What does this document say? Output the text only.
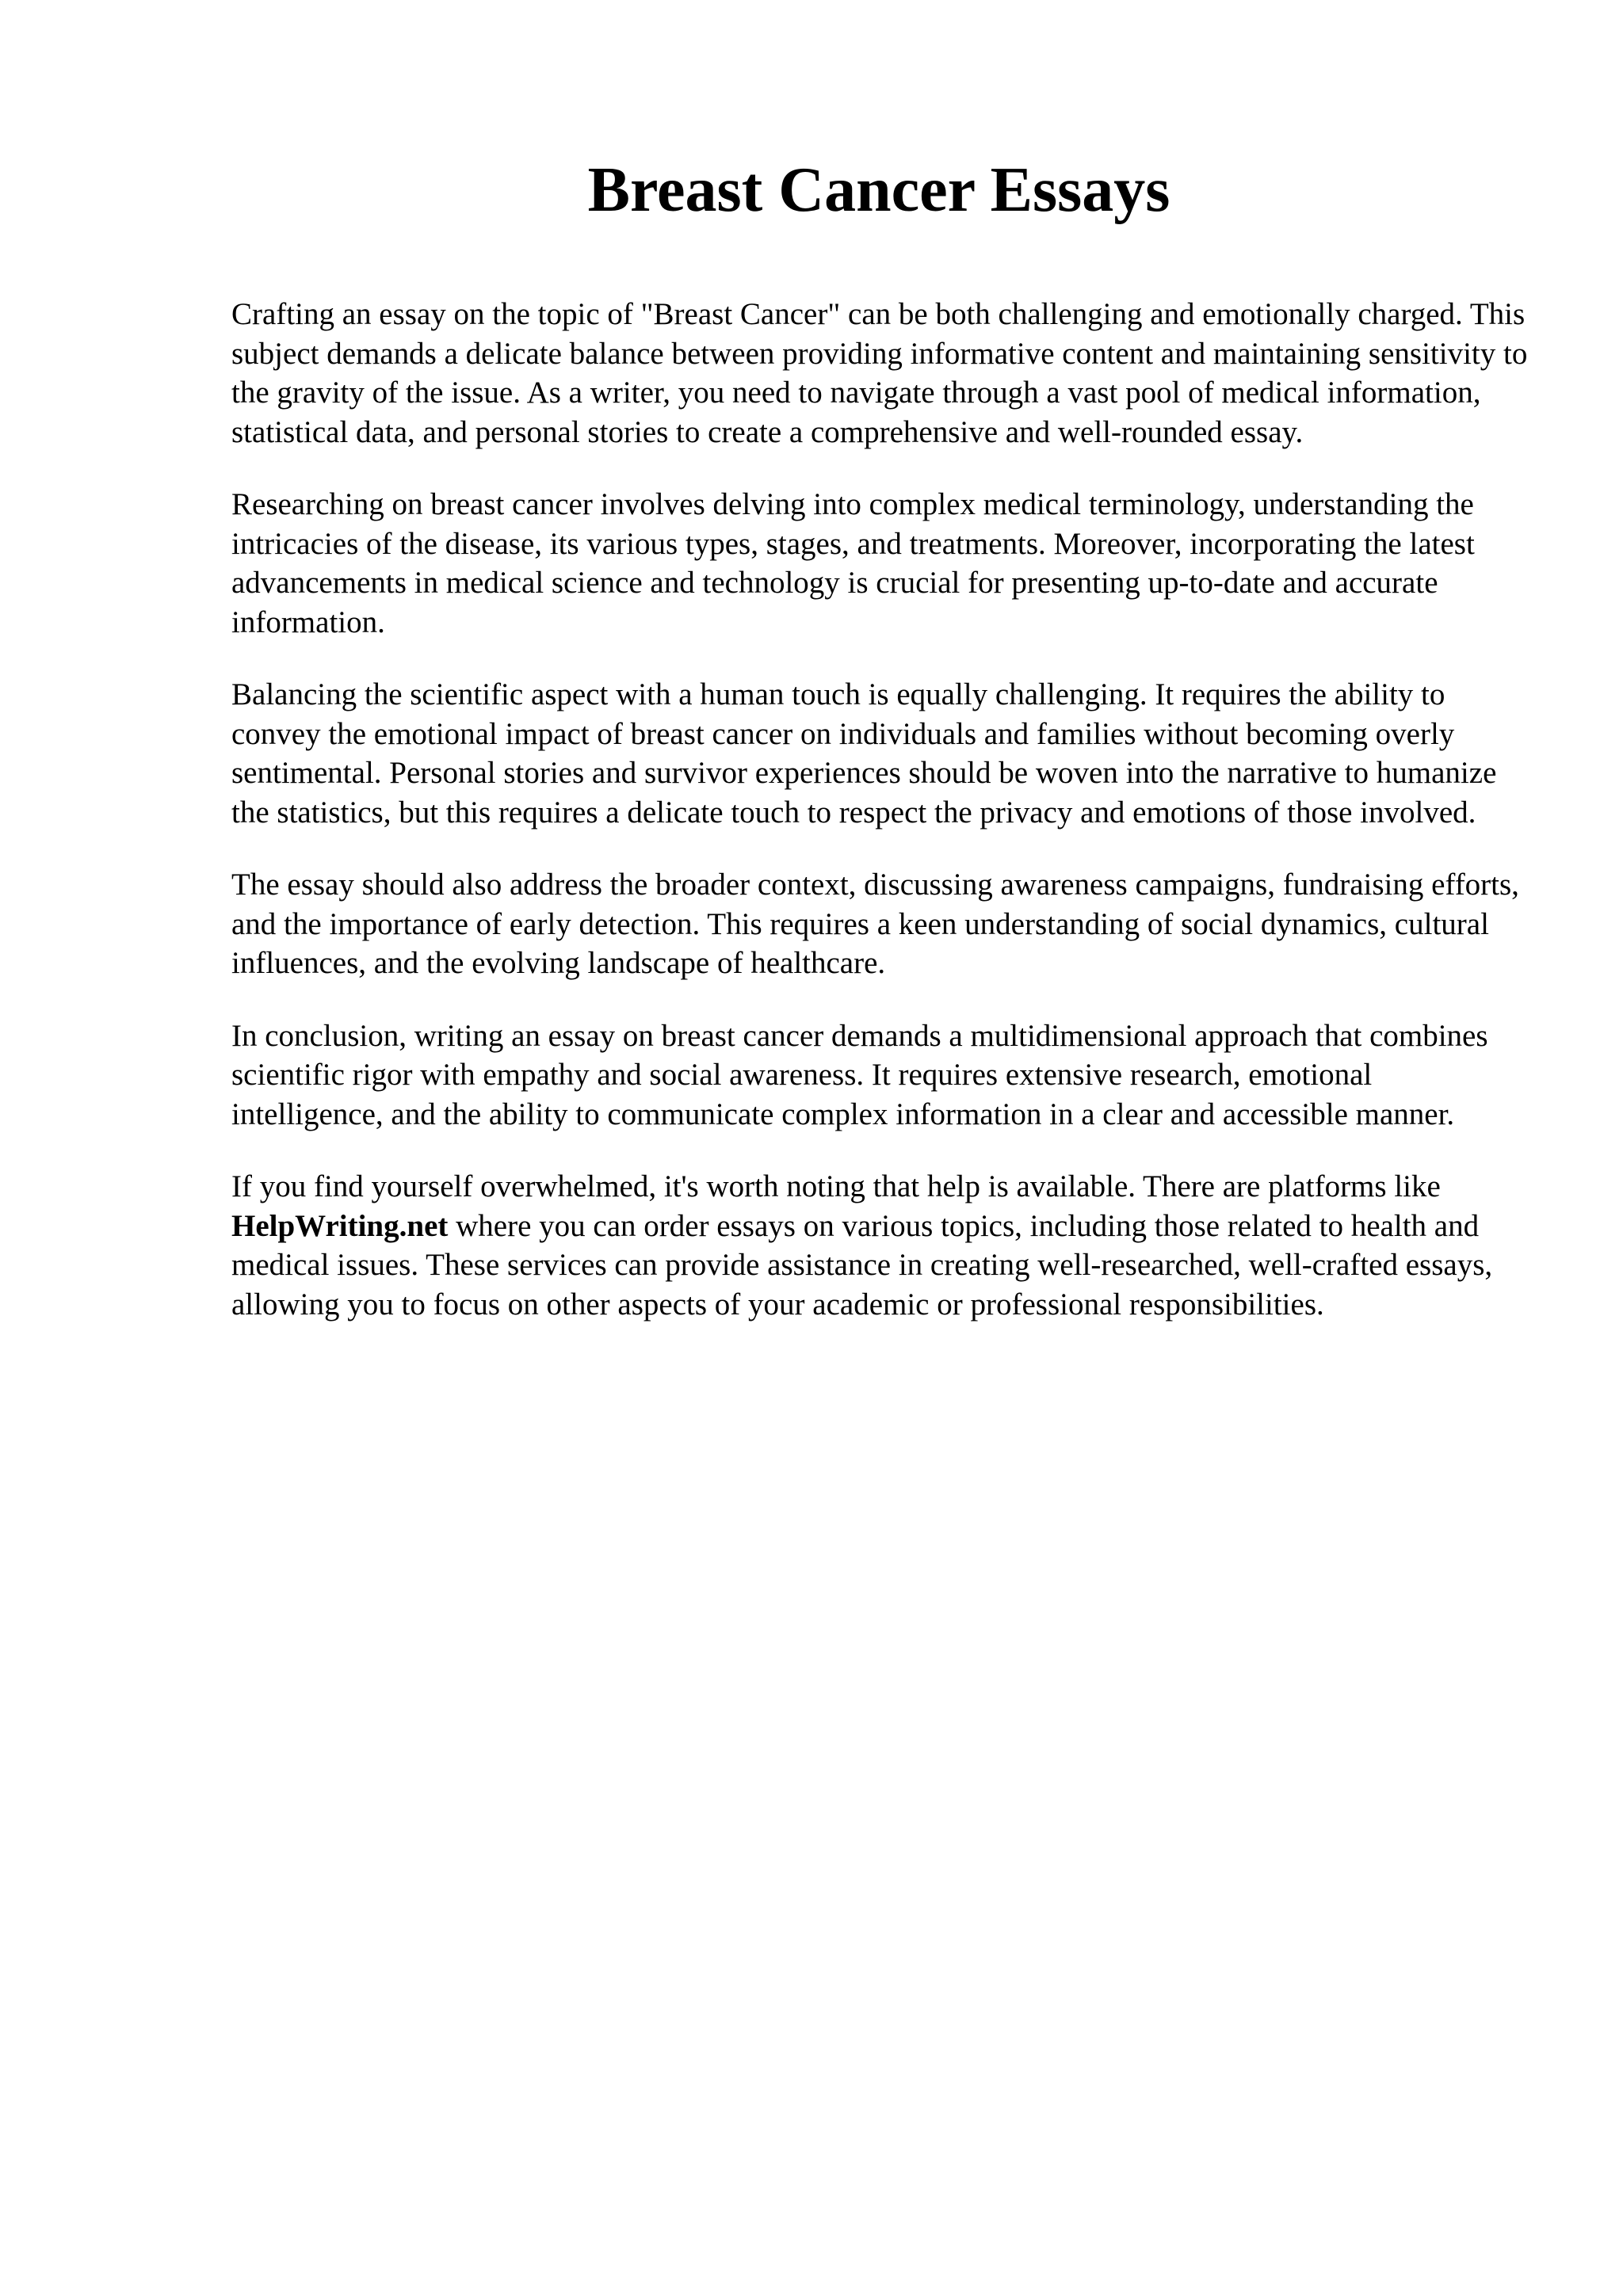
Breast Cancer Essays

Crafting an essay on the topic of "Breast Cancer" can be both challenging and emotionally charged. This subject demands a delicate balance between providing informative content and maintaining sensitivity to the gravity of the issue. As a writer, you need to navigate through a vast pool of medical information, statistical data, and personal stories to create a comprehensive and well-rounded essay.

Researching on breast cancer involves delving into complex medical terminology, understanding the intricacies of the disease, its various types, stages, and treatments. Moreover, incorporating the latest advancements in medical science and technology is crucial for presenting up-to-date and accurate information.

Balancing the scientific aspect with a human touch is equally challenging. It requires the ability to convey the emotional impact of breast cancer on individuals and families without becoming overly sentimental. Personal stories and survivor experiences should be woven into the narrative to humanize the statistics, but this requires a delicate touch to respect the privacy and emotions of those involved.

The essay should also address the broader context, discussing awareness campaigns, fundraising efforts, and the importance of early detection. This requires a keen understanding of social dynamics, cultural influences, and the evolving landscape of healthcare.

In conclusion, writing an essay on breast cancer demands a multidimensional approach that combines scientific rigor with empathy and social awareness. It requires extensive research, emotional intelligence, and the ability to communicate complex information in a clear and accessible manner.

If you find yourself overwhelmed, it's worth noting that help is available. There are platforms like HelpWriting.net where you can order essays on various topics, including those related to health and medical issues. These services can provide assistance in creating well-researched, well-crafted essays, allowing you to focus on other aspects of your academic or professional responsibilities.
